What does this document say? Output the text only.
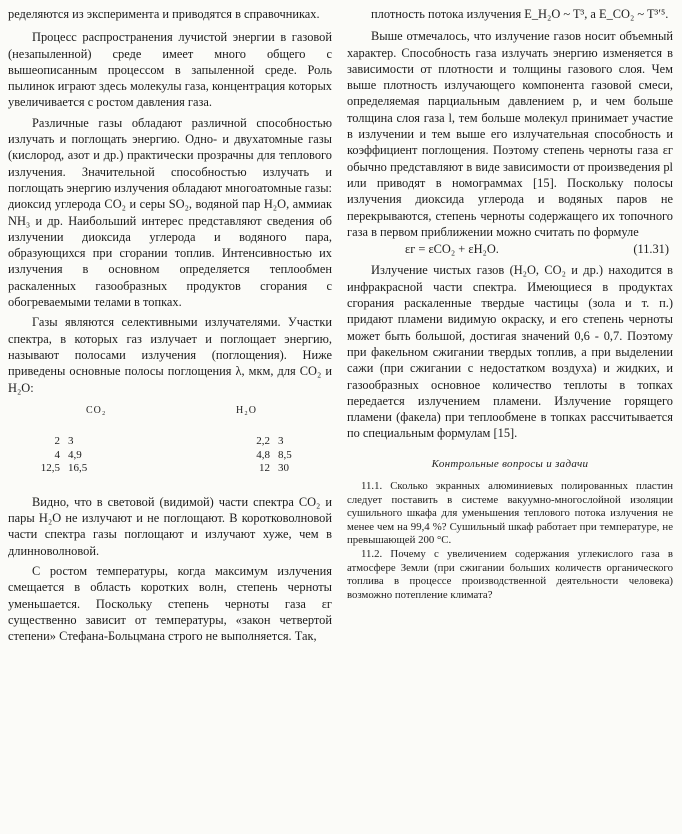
ределяются из эксперимента и приводятся в справочниках.

Процесс распространения лучистой энергии в газовой (незапыленной) среде имеет много общего с вышеописанным процессом в запыленной среде. Роль пылинок играют здесь молекулы газа, концентрация которых увеличивается с ростом давления газа.

Различные газы обладают различной способностью излучать и поглощать энергию. Одно- и двухатомные газы (кислород, азот и др.) практически прозрачны для теплового излучения. Значительной способностью излучать и поглощать энергию излучения обладают многоатомные газы: диоксид углерода CO₂ и серы SO₂, водяной пар H₂O, аммиак NH₃ и др. Наибольший интерес представляют сведения об излучении диоксида углерода и водяного пара, образующихся при сгорании топлив. Интенсивностью их излучения в основном определяется теплообмен раскаленных газообразных продуктов сгорания с обогреваемыми телами в топках.

Газы являются селективными излучателями. Участки спектра, в которых газ излучает и поглощает энергию, называют полосами излучения (поглощения). Ниже приведены основные полосы поглощения λ, мкм, для CO₂ и H₂O:

CO₂
2 3
4 4,9
12,5 16,5
H₂O
2,2 3
4,8 8,5
12 30

Видно, что в световой (видимой) части спектра CO₂ и пары H₂O не излучают и не поглощают. В коротковолновой части спектра газы поглощают и излучают хуже, чем в длинноволновой.

С ростом температуры, когда максимум излучения смещается в область коротких волн, степень черноты уменьшается. Поскольку степень черноты газа εг существенно зависит от температуры, «закон четвертой степени» Стефана-Больцмана строго не выполняется. Так,

плотность потока излучения E_H₂O ~ T³, а E_CO₂ ~ T³′⁵.

Выше отмечалось, что излучение газов носит объемный характер. Способность газа излучать энергию изменяется в зависимости от плотности и толщины газового слоя. Чем выше плотность излучающего компонента газовой смеси, определяемая парциальным давлением p, и чем больше толщина слоя газа l, тем больше молекул принимает участие в излучении и тем выше его излучательная способность и коэффициент поглощения. Поэтому степень черноты газа εг обычно представляют в виде зависимости от произведения pl или приводят в номограммах [15]. Поскольку полосы излучения диоксида углерода и водяных паров не перекрываются, степень черноты содержащего их топочного газа в первом приближении можно считать по формуле

εг = εCO₂ + εH₂O.	(11.31)

Излучение чистых газов (H₂O, CO₂ и др.) находится в инфракрасной части спектра. Имеющиеся в продуктах сгорания раскаленные твердые частицы (зола и т. п.) придают пламени видимую окраску, и его степень черноты может быть большой, достигая значений 0,6 - 0,7. Поэтому при факельном сжигании твердых топлив, а при выделении сажи (при сжигании с недостатком воздуха) и жидких, и газообразных основное количество теплоты в топках передается излучением пламени. Излучение горящего пламени (факела) при теплообмене в топках рассчитывается по специальным формулам [15].

Контрольные вопросы и задачи

11.1. Сколько экранных алюминиевых полированных пластин следует поставить в системе вакуумно-многослойной изоляции сушильного шкафа для уменьшения теплового потока излучения не менее чем на 99,4 %? Сушильный шкаф работает при температуре, не превышающей 200 °С.

11.2. Почему с увеличением содержания углекислого газа в атмосфере Земли (при сжигании больших количеств органического топлива в процессе производственной деятельности человека) возможно потепление климата?
